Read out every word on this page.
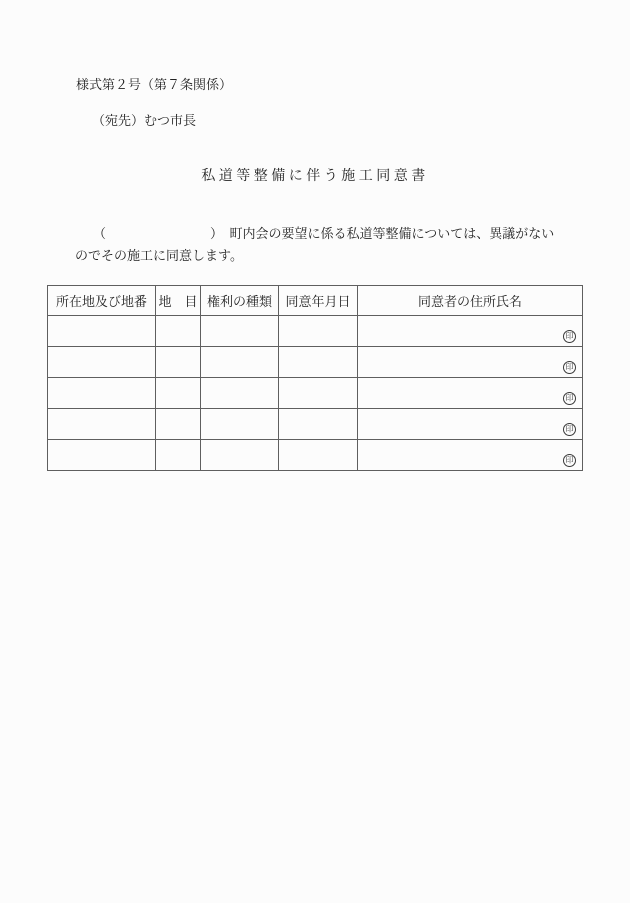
様式第２号（第７条関係）
（宛先）むつ市長
私道等整備に伴う施工同意書
（　　　　　　　　）　町内会の要望に係る私道等整備については、異議がない
のでその施工に同意します。
所在地及び地番	地　目	権利の種類	同意年月日	同意者の住所氏名

				印

				印

				印

				印

				印
